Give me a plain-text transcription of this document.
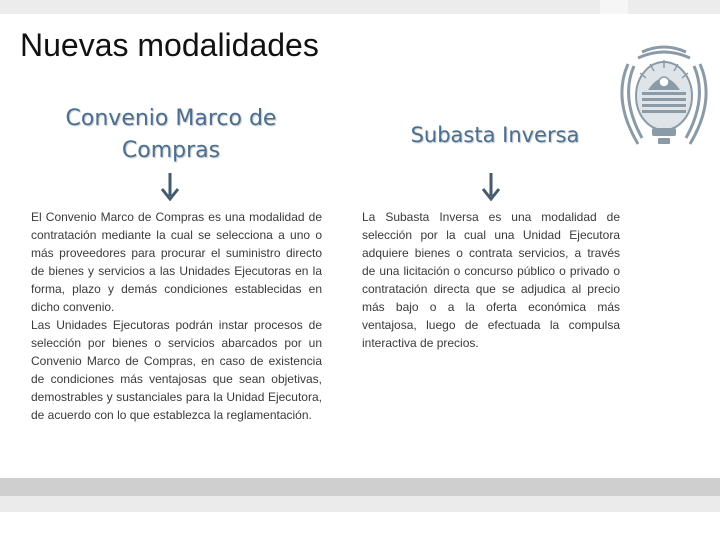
Nuevas modalidades
Convenio Marco de Compras

El Convenio Marco de Compras es una modalidad de contratación mediante la cual se selecciona a uno o más proveedores para procurar el suministro directo de bienes y servicios a las Unidades Ejecutoras en la forma, plazo y demás condiciones establecidas en dicho convenio.

Las Unidades Ejecutoras podrán instar procesos de selección por bienes o servicios abarcados por un Convenio Marco de Compras, en caso de existencia de condiciones más ventajosas que sean objetivas, demostrables y sustanciales para la Unidad Ejecutora, de acuerdo con lo que establezca la reglamentación.

Subasta Inversa

La Subasta Inversa es una modalidad de selección por la cual una Unidad Ejecutora adquiere bienes o contrata servicios, a través de una licitación o concurso público o privado o contratación directa que se adjudica al precio más bajo o a la oferta económica más ventajosa, luego de efectuada la compulsa interactiva de precios.
